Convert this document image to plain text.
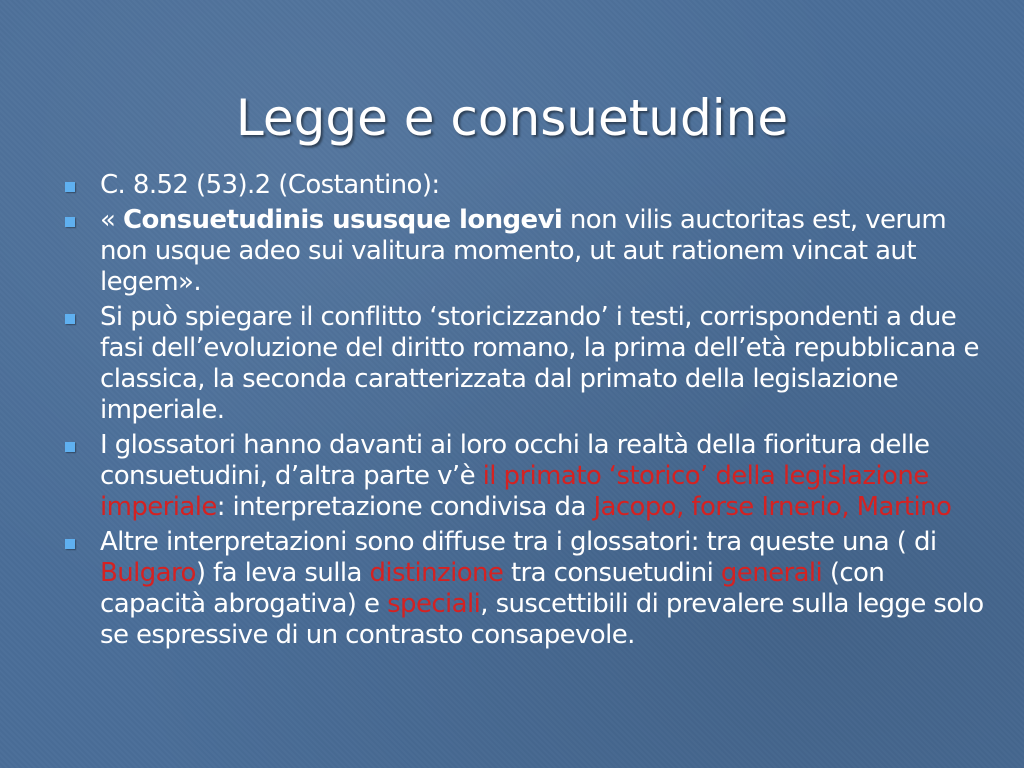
Legge e consuetudine
C. 8.52 (53).2 (Costantino):
« Consuetudinis ususque longevi non vilis auctoritas est, verum non usque adeo sui valitura momento, ut aut rationem vincat aut legem».
Si può spiegare il conflitto ‘storicizzando’ i testi, corrispondenti a due fasi dell’evoluzione del diritto romano, la prima dell’età repubblicana e classica, la seconda caratterizzata dal primato della legislazione imperiale.
I glossatori hanno davanti ai loro occhi la realtà della fioritura delle consuetudini, d’altra parte v’è il primato ‘storico’ della legislazione imperiale: interpretazione condivisa da Jacopo, forse Irnerio, Martino
Altre interpretazioni sono diffuse tra i glossatori: tra queste una ( di Bulgaro) fa leva sulla distinzione tra consuetudini generali (con capacità abrogativa) e speciali, suscettibili di prevalere sulla legge solo se espressive di un contrasto consapevole.
